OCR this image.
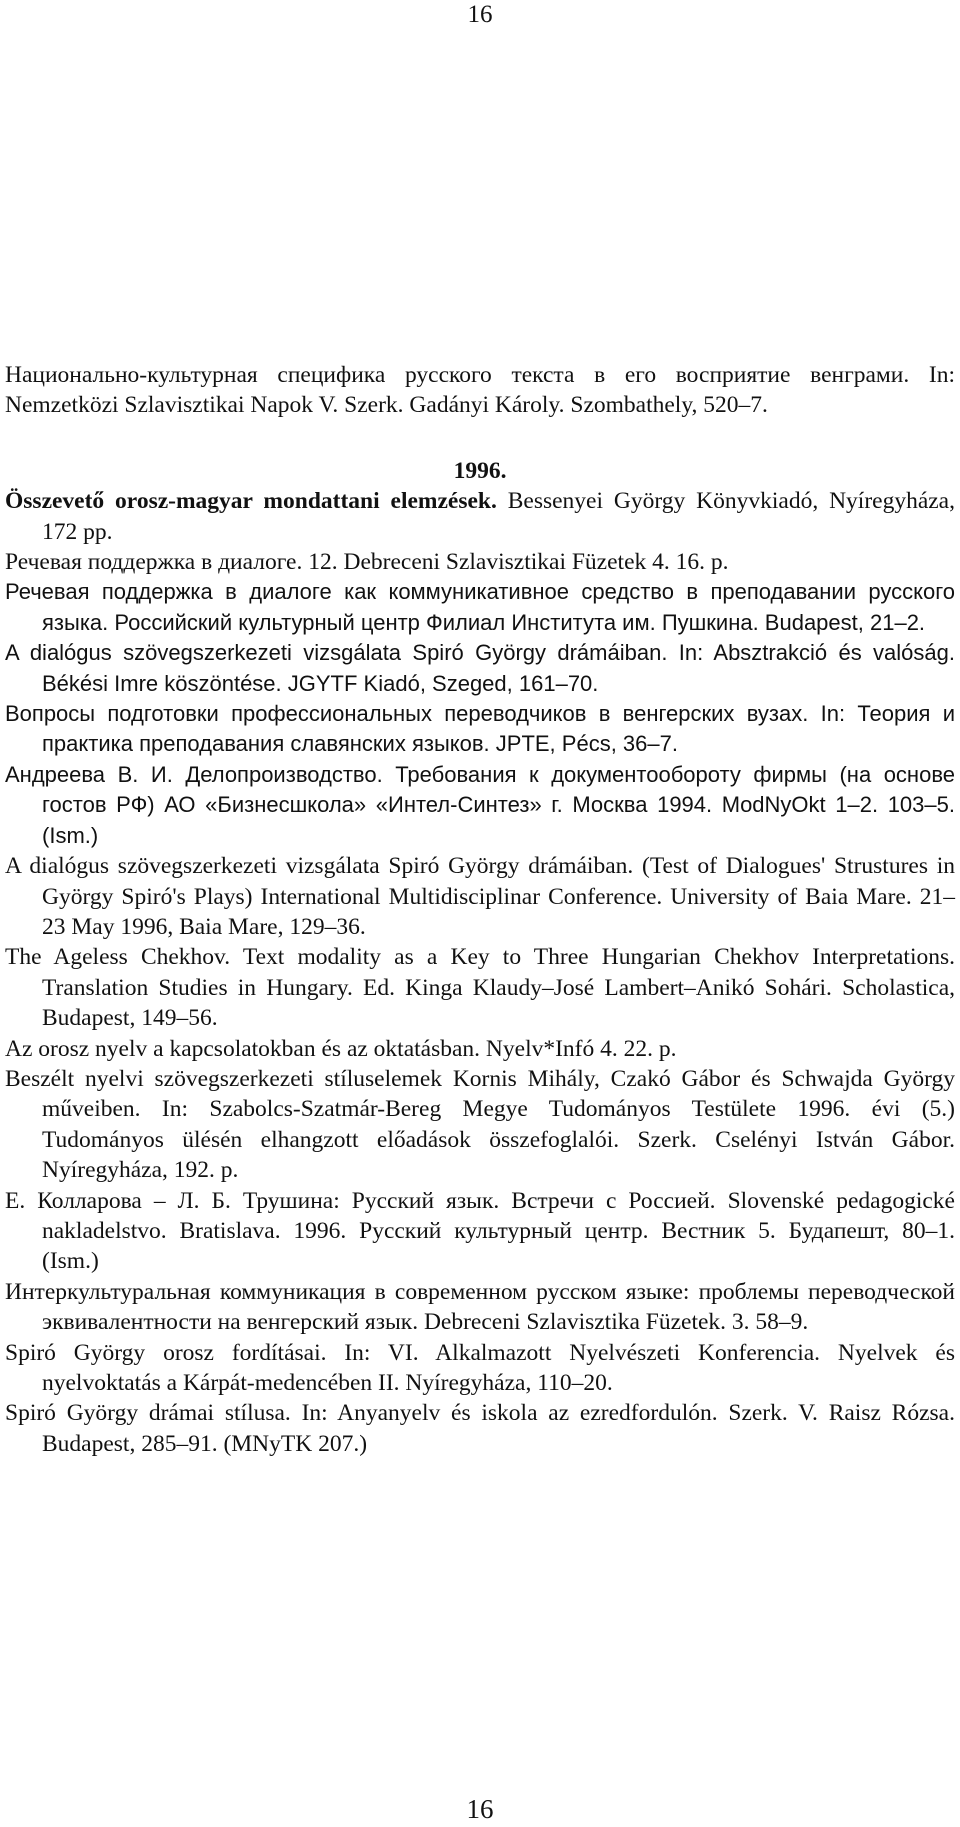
16
Национально-культурная специфика русского текста в его восприятие венграми. In: Nemzetközi Szlavisztikai Napok V. Szerk. Gadányi Károly. Szombathely, 520–7.
1996.
Összevető orosz-magyar mondattani elemzések. Bessenyei György Könyvkiadó, Nyíregyháza, 172 pp.
Речевая поддержка в диалоге. 12. Debreceni Szlavisztikai Füzetek 4. 16. p.
Речевая поддержка в диалоге как коммуникативное средство в преподавании русского языка. Российский культурный центр Филиал Института им. Пушкина. Budapest, 21–2.
A dialógus szövegszerkezeti vizsgálata Spiró György drámáiban. In: Absztrakció és valóság. Békési Imre köszöntése. JGYTF Kiadó, Szeged, 161–70.
Вопросы подготовки профессиональных переводчиков в венгерских вузах. In: Теория и практика преподавания славянских языков. JPTE, Pécs, 36–7.
Андреева В. И. Делопроизводство. Требования к документообороту фирмы (на основе гостов РФ) АО «Бизнесшкола» «Интел-Синтез» г. Москва 1994. ModNyOkt 1–2. 103–5. (Ism.)
A dialógus szövegszerkezeti vizsgálata Spiró György drámáiban. (Test of Dialogues' Strustures in György Spiró's Plays) International Multidisciplinar Conference. University of Baia Mare. 21–23 May 1996, Baia Mare, 129–36.
The Ageless Chekhov. Text modality as a Key to Three Hungarian Chekhov Interpretations. Translation Studies in Hungary. Ed. Kinga Klaudy–José Lambert–Anikó Sohári. Scholastica, Budapest, 149–56.
Az orosz nyelv a kapcsolatokban és az oktatásban. Nyelv*Infó 4. 22. p.
Beszélt nyelvi szövegszerkezeti stíluselemek Kornis Mihály, Czakó Gábor és Schwajda György műveiben. In: Szabolcs-Szatmár-Bereg Megye Tudományos Testülete 1996. évi (5.) Tudományos ülésén elhangzott előadások összefoglalói. Szerk. Cselényi István Gábor. Nyíregyháza, 192. p.
Е. Колларова – Л. Б. Трушина: Русский язык. Встречи с Россией. Slovenské pedagogické nakladelstvo. Bratislava. 1996. Русский культурный центр. Вестник 5. Будапешт, 80–1. (Ism.)
Интеркультуральная коммуникация в современном русском языке: проблемы переводческой эквивалентности на венгерский язык. Debreceni Szlavisztika Füzetek. 3. 58–9.
Spiró György orosz fordításai. In: VI. Alkalmazott Nyelvészeti Konferencia. Nyelvek és nyelvoktatás a Kárpát-medencében II. Nyíregyháza, 110–20.
Spiró György drámai stílusa. In: Anyanyelv és iskola az ezredfordulón. Szerk. V. Raisz Rózsa. Budapest, 285–91. (MNyTK 207.)
16
